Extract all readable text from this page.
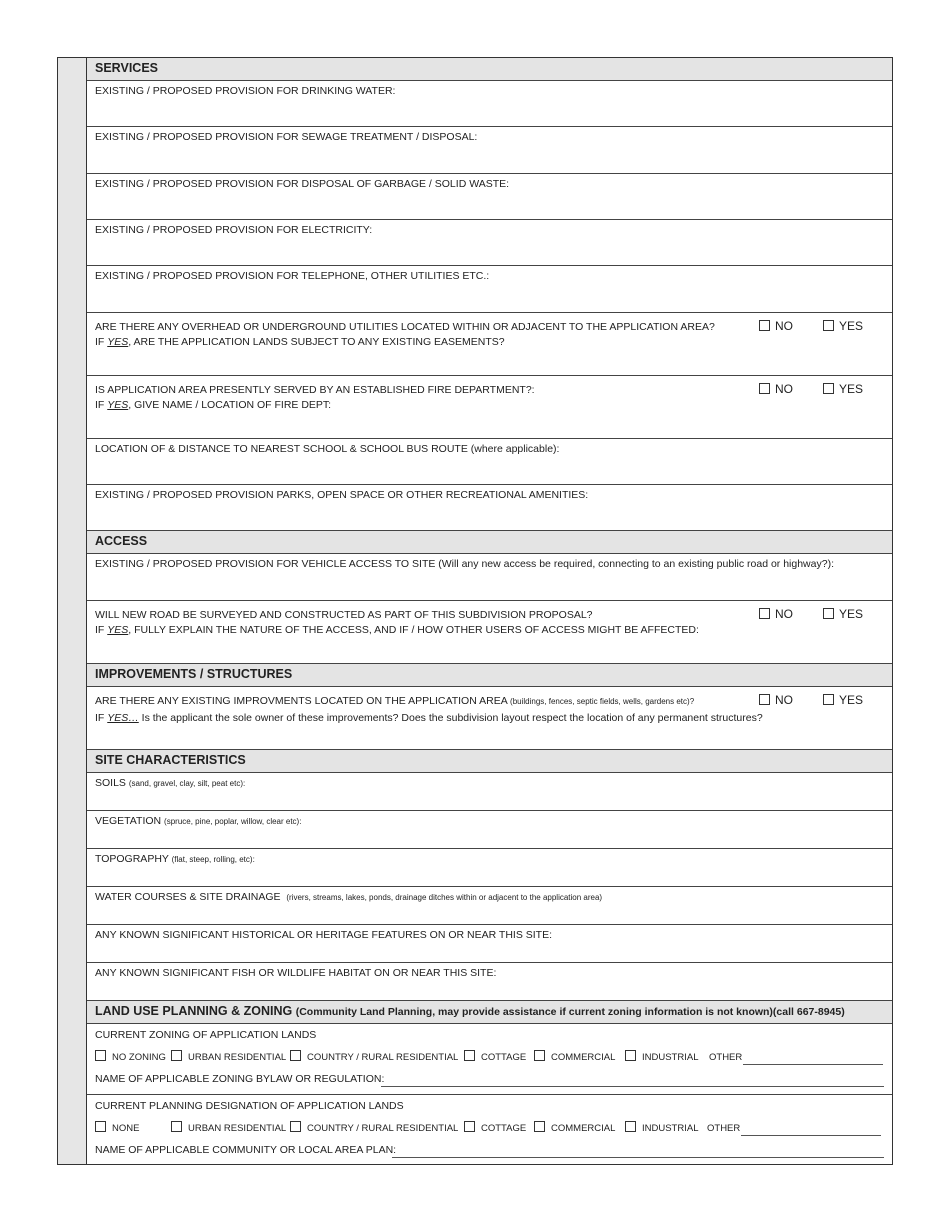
SERVICES
EXISTING / PROPOSED PROVISION FOR DRINKING WATER:
EXISTING / PROPOSED PROVISION FOR SEWAGE TREATMENT / DISPOSAL:
EXISTING / PROPOSED PROVISION FOR DISPOSAL OF GARBAGE / SOLID WASTE:
EXISTING / PROPOSED PROVISION FOR ELECTRICITY:
EXISTING / PROPOSED PROVISION FOR TELEPHONE, OTHER UTILITIES ETC.:
ARE THERE ANY OVERHEAD OR UNDERGROUND UTILITIES LOCATED WITHIN OR ADJACENT TO THE APPLICATION AREA?
IF YES, ARE THE APPLICATION LANDS SUBJECT TO ANY EXISTING EASEMENTS?
NO	YES
IS APPLICATION AREA PRESENTLY SERVED BY AN ESTABLISHED FIRE DEPARTMENT?:
IF YES, GIVE NAME / LOCATION OF FIRE DEPT:
NO	YES
LOCATION OF & DISTANCE TO NEAREST SCHOOL & SCHOOL BUS ROUTE (where applicable):
EXISTING / PROPOSED PROVISION PARKS, OPEN SPACE OR OTHER RECREATIONAL AMENITIES:
ACCESS
EXISTING / PROPOSED PROVISION FOR VEHICLE ACCESS TO SITE (Will any new access be required, connecting to an existing public road or highway?):
WILL NEW ROAD BE SURVEYED AND CONSTRUCTED AS PART OF THIS SUBDIVISION PROPOSAL?
IF YES, FULLY EXPLAIN THE NATURE OF THE ACCESS, AND IF / HOW OTHER USERS OF ACCESS MIGHT BE AFFECTED:
NO	YES
IMPROVEMENTS / STRUCTURES
ARE THERE ANY EXISTING IMPROVMENTS LOCATED ON THE APPLICATION AREA (buildings, fences, septic fields, wells, gardens etc)?
IF YES… Is the applicant the sole owner of these improvements? Does the subdivision layout respect the location of any permanent structures?
NO	YES
SITE CHARACTERISTICS
SOILS (sand, gravel, clay, silt, peat etc):
VEGETATION (spruce, pine, poplar, willow, clear etc):
TOPOGRAPHY (flat, steep, rolling, etc):
WATER COURSES & SITE DRAINAGE (rivers, streams, lakes, ponds, drainage ditches within or adjacent to the application area)
ANY KNOWN SIGNIFICANT HISTORICAL OR HERITAGE FEATURES ON OR NEAR THIS SITE:
ANY KNOWN SIGNIFICANT FISH OR WILDLIFE HABITAT ON OR NEAR THIS SITE:
LAND USE PLANNING & ZONING (Community Land Planning, may provide assistance if current zoning information is not known)(call 667-8945)
CURRENT ZONING OF APPLICATION LANDS
NO ZONING	URBAN RESIDENTIAL	COUNTRY / RURAL RESIDENTIAL	COTTAGE	COMMERCIAL	INDUSTRIAL OTHER
NAME OF APPLICABLE ZONING BYLAW OR REGULATION:
CURRENT PLANNING DESIGNATION OF APPLICATION LANDS
NONE	URBAN RESIDENTIAL	COUNTRY / RURAL RESIDENTIAL	COTTAGE	COMMERCIAL	INDUSTRIAL OTHER
NAME OF APPLICABLE COMMUNITY OR LOCAL AREA PLAN:
